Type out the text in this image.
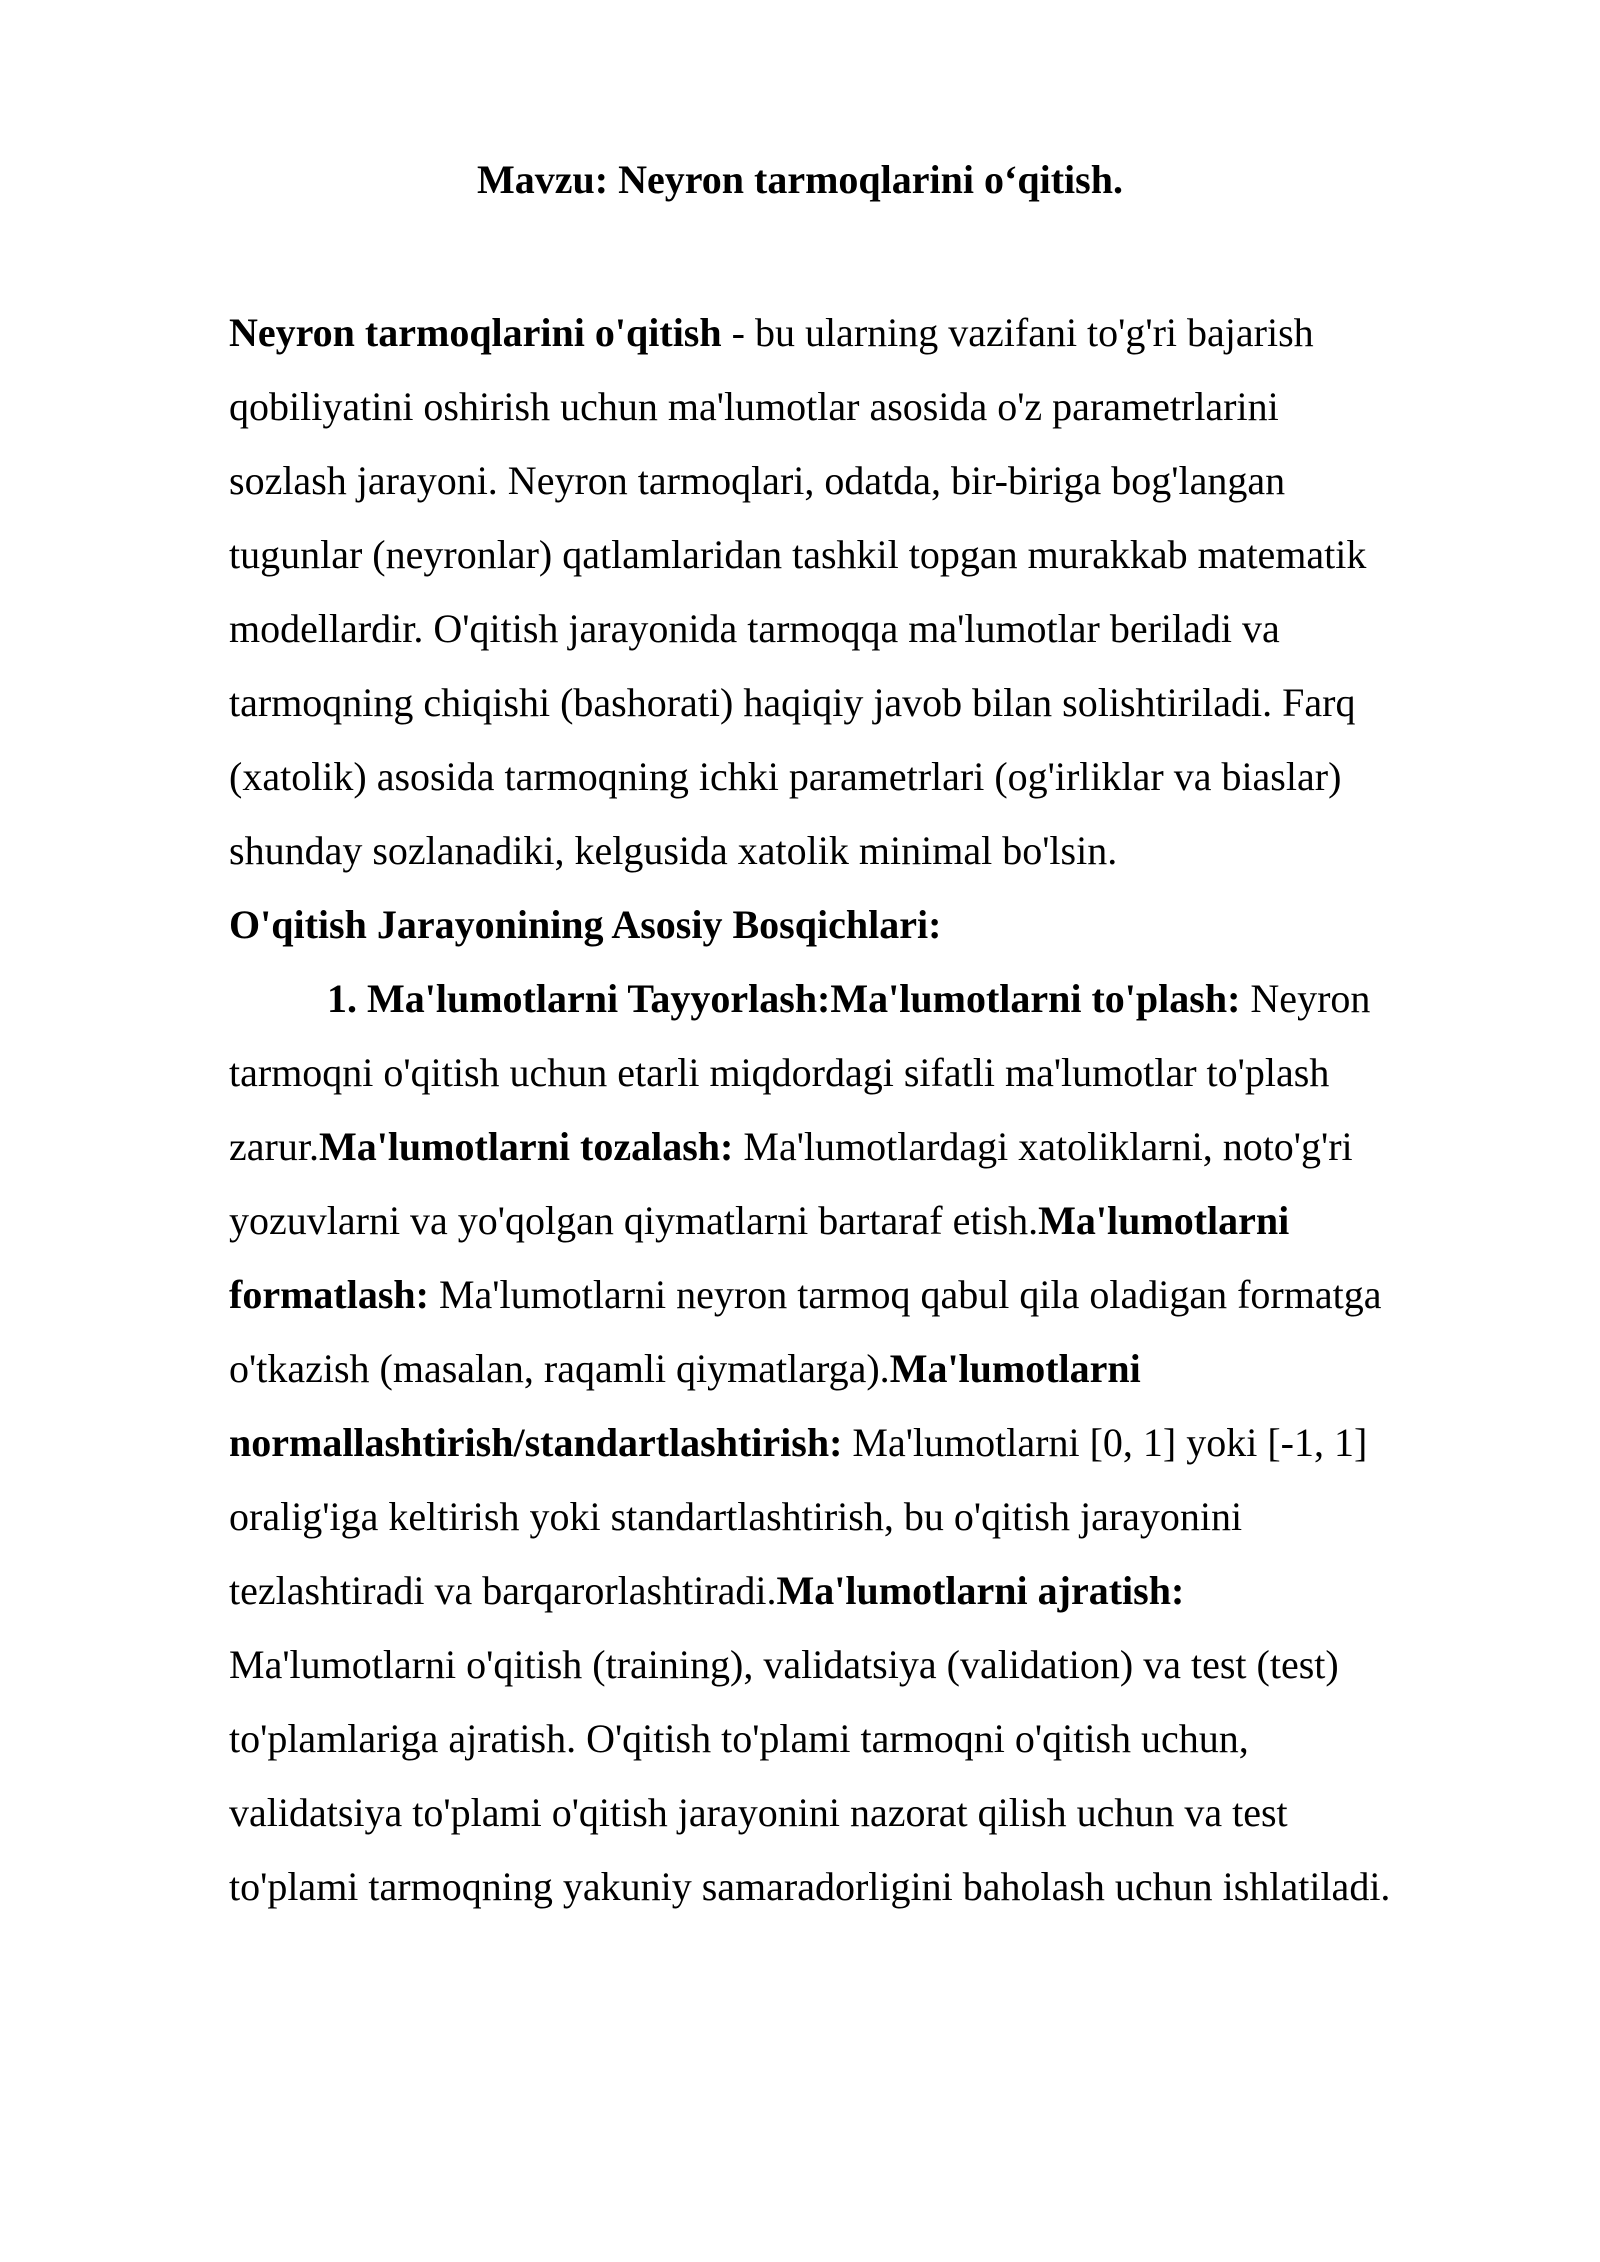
Mavzu: Neyron tarmoqlarini o‘qitish.

Neyron tarmoqlarini o'qitish - bu ularning vazifani to'g'ri bajarish

qobiliyatini oshirish uchun ma'lumotlar asosida o'z parametrlarini

sozlash jarayoni. Neyron tarmoqlari, odatda, bir-biriga bog'langan

tugunlar (neyronlar) qatlamlaridan tashkil topgan murakkab matematik

modellardir. O'qitish jarayonida tarmoqqa ma'lumotlar beriladi va

tarmoqning chiqishi (bashorati) haqiqiy javob bilan solishtiriladi. Farq

(xatolik) asosida tarmoqning ichki parametrlari (og'irliklar va biaslar)

shunday sozlanadiki, kelgusida xatolik minimal bo'lsin.

O'qitish Jarayonining Asosiy Bosqichlari:

1. Ma'lumotlarni Tayyorlash:Ma'lumotlarni to'plash: Neyron

tarmoqni o'qitish uchun etarli miqdordagi sifatli ma'lumotlar to'plash

zarur.Ma'lumotlarni tozalash: Ma'lumotlardagi xatoliklarni, noto'g'ri

yozuvlarni va yo'qolgan qiymatlarni bartaraf etish.Ma'lumotlarni

formatlash: Ma'lumotlarni neyron tarmoq qabul qila oladigan formatga

o'tkazish (masalan, raqamli qiymatlarga).Ma'lumotlarni

normallashtirish/standartlashtirish: Ma'lumotlarni [0, 1] yoki [-1, 1]

oralig'iga keltirish yoki standartlashtirish, bu o'qitish jarayonini

tezlashtiradi va barqarorlashtiradi.Ma'lumotlarni ajratish:

Ma'lumotlarni o'qitish (training), validatsiya (validation) va test (test)

to'plamlariga ajratish. O'qitish to'plami tarmoqni o'qitish uchun,

validatsiya to'plami o'qitish jarayonini nazorat qilish uchun va test

to'plami tarmoqning yakuniy samaradorligini baholash uchun ishlatiladi.
